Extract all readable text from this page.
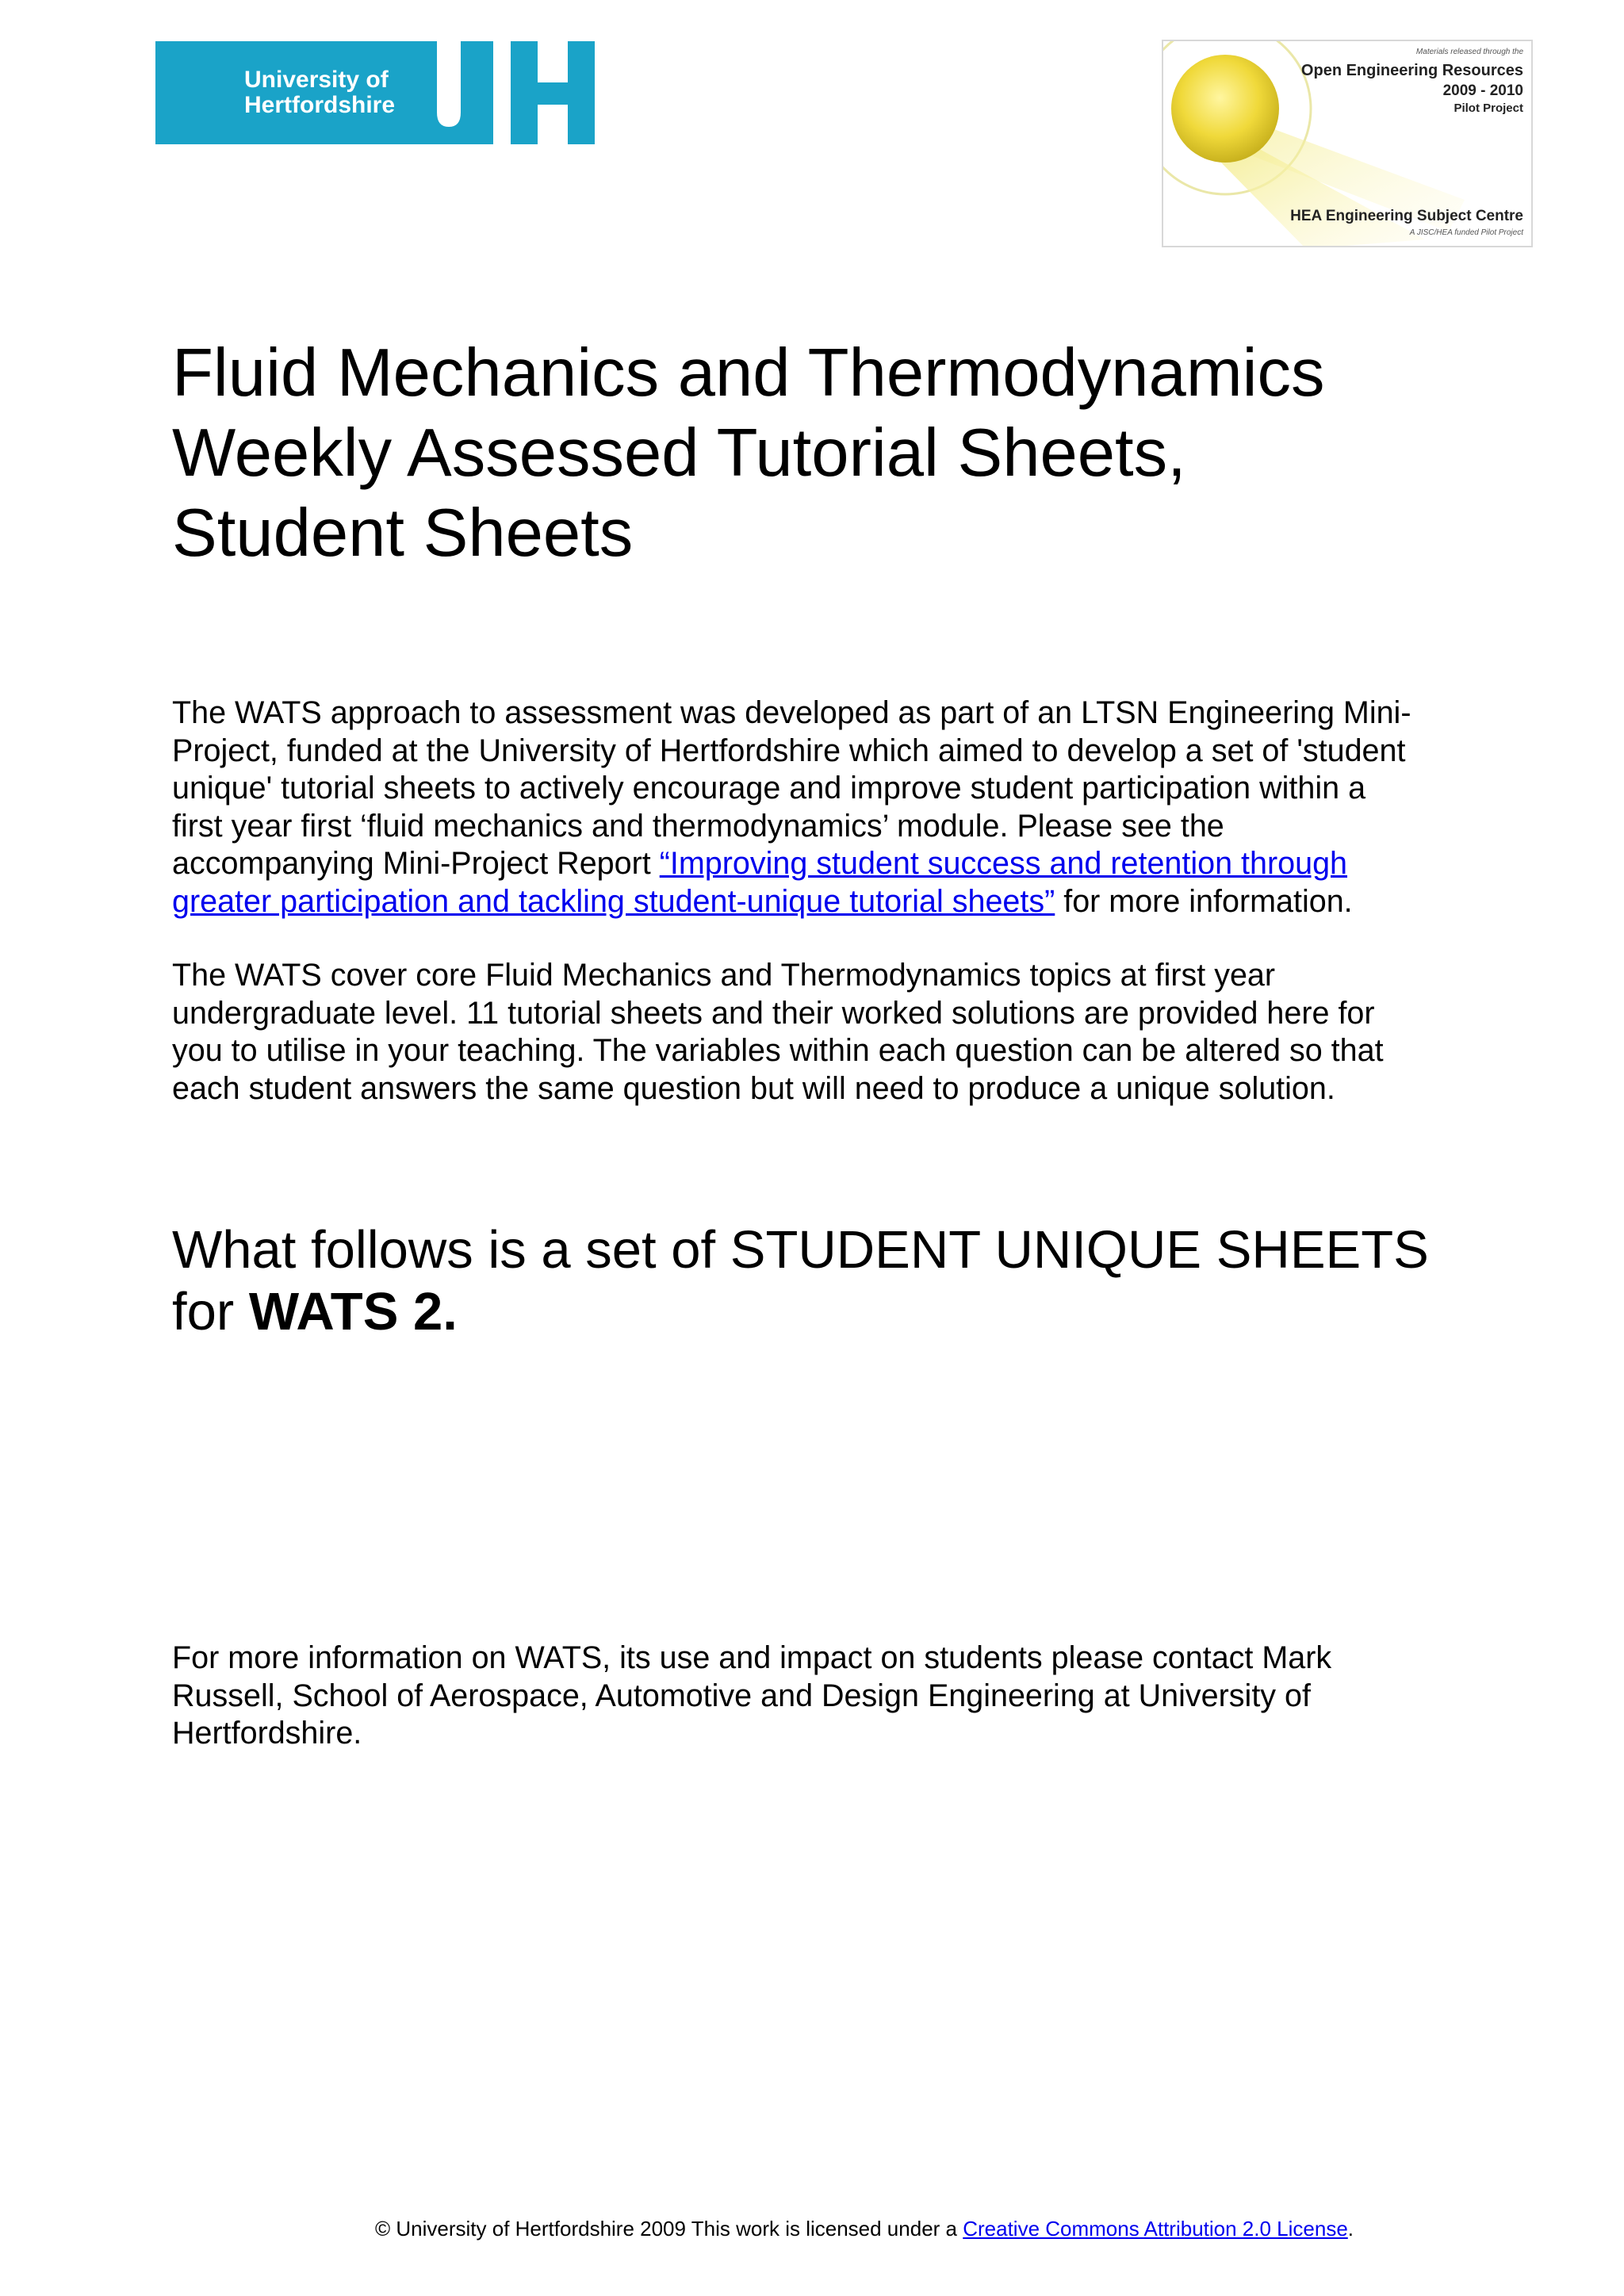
University of
Hertfordshire
Materials released through the
Open Engineering Resources
2009 - 2010
Pilot Project
HEA Engineering Subject Centre
A JISC/HEA funded Pilot Project
Fluid Mechanics and Thermodynamics
Weekly Assessed Tutorial Sheets,
Student Sheets

The WATS approach to assessment was developed as part of an LTSN Engineering Mini-
Project, funded at the University of Hertfordshire which aimed to develop a set of 'student
unique' tutorial sheets to actively encourage and improve student participation within a
first year first ‘fluid mechanics and thermodynamics’ module. Please see the
accompanying Mini-Project Report “Improving student success and retention through
greater participation and tackling student-unique tutorial sheets” for more information.

The WATS cover core Fluid Mechanics and Thermodynamics topics at first year
undergraduate level. 11 tutorial sheets and their worked solutions are provided here for
you to utilise in your teaching. The variables within each question can be altered so that
each student answers the same question but will need to produce a unique solution.

What follows is a set of STUDENT UNIQUE SHEETS
for WATS 2.

For more information on WATS, its use and impact on students please contact Mark
Russell, School of Aerospace, Automotive and Design Engineering at University of
Hertfordshire.

© University of Hertfordshire 2009 This work is licensed under a Creative Commons Attribution 2.0 License.
